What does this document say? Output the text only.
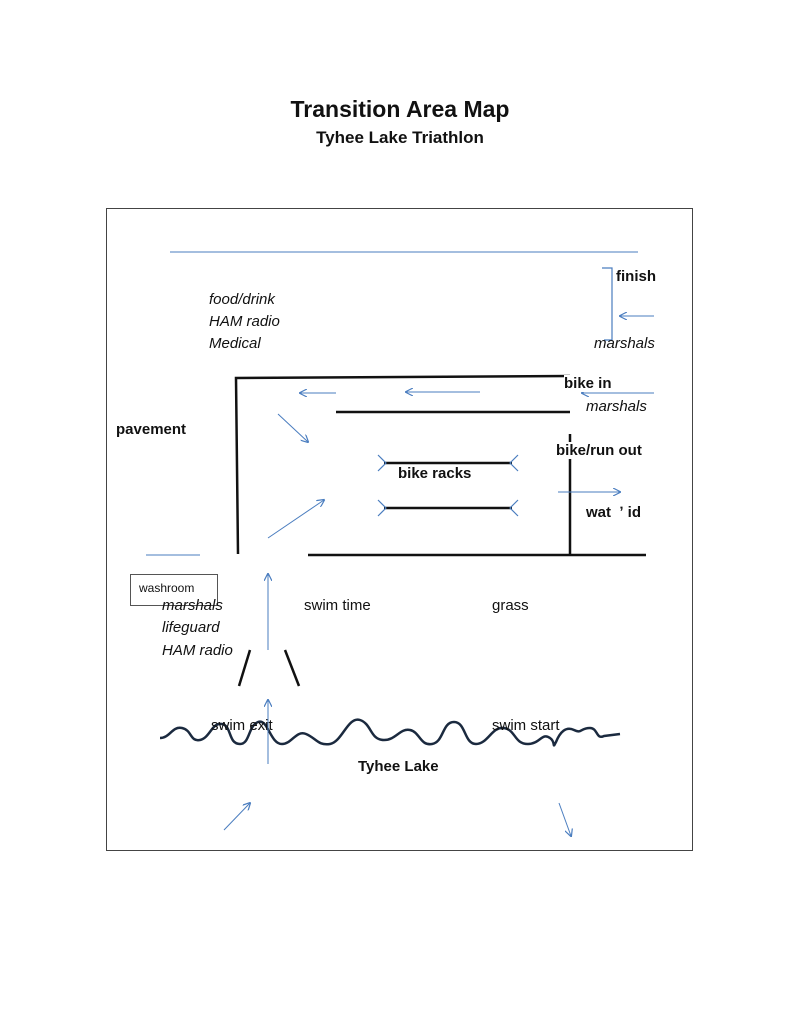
Transition Area Map
Tyhee Lake Triathlon
finish
food/drink
HAM radio
Medical	marshals
bike in
marshals
pavement
bike/run out
bike racks
wat  ʼ id
washroom
marshals
lifeguard
HAM radio
swim time	grass
swim exit	swim start
Tyhee Lake
